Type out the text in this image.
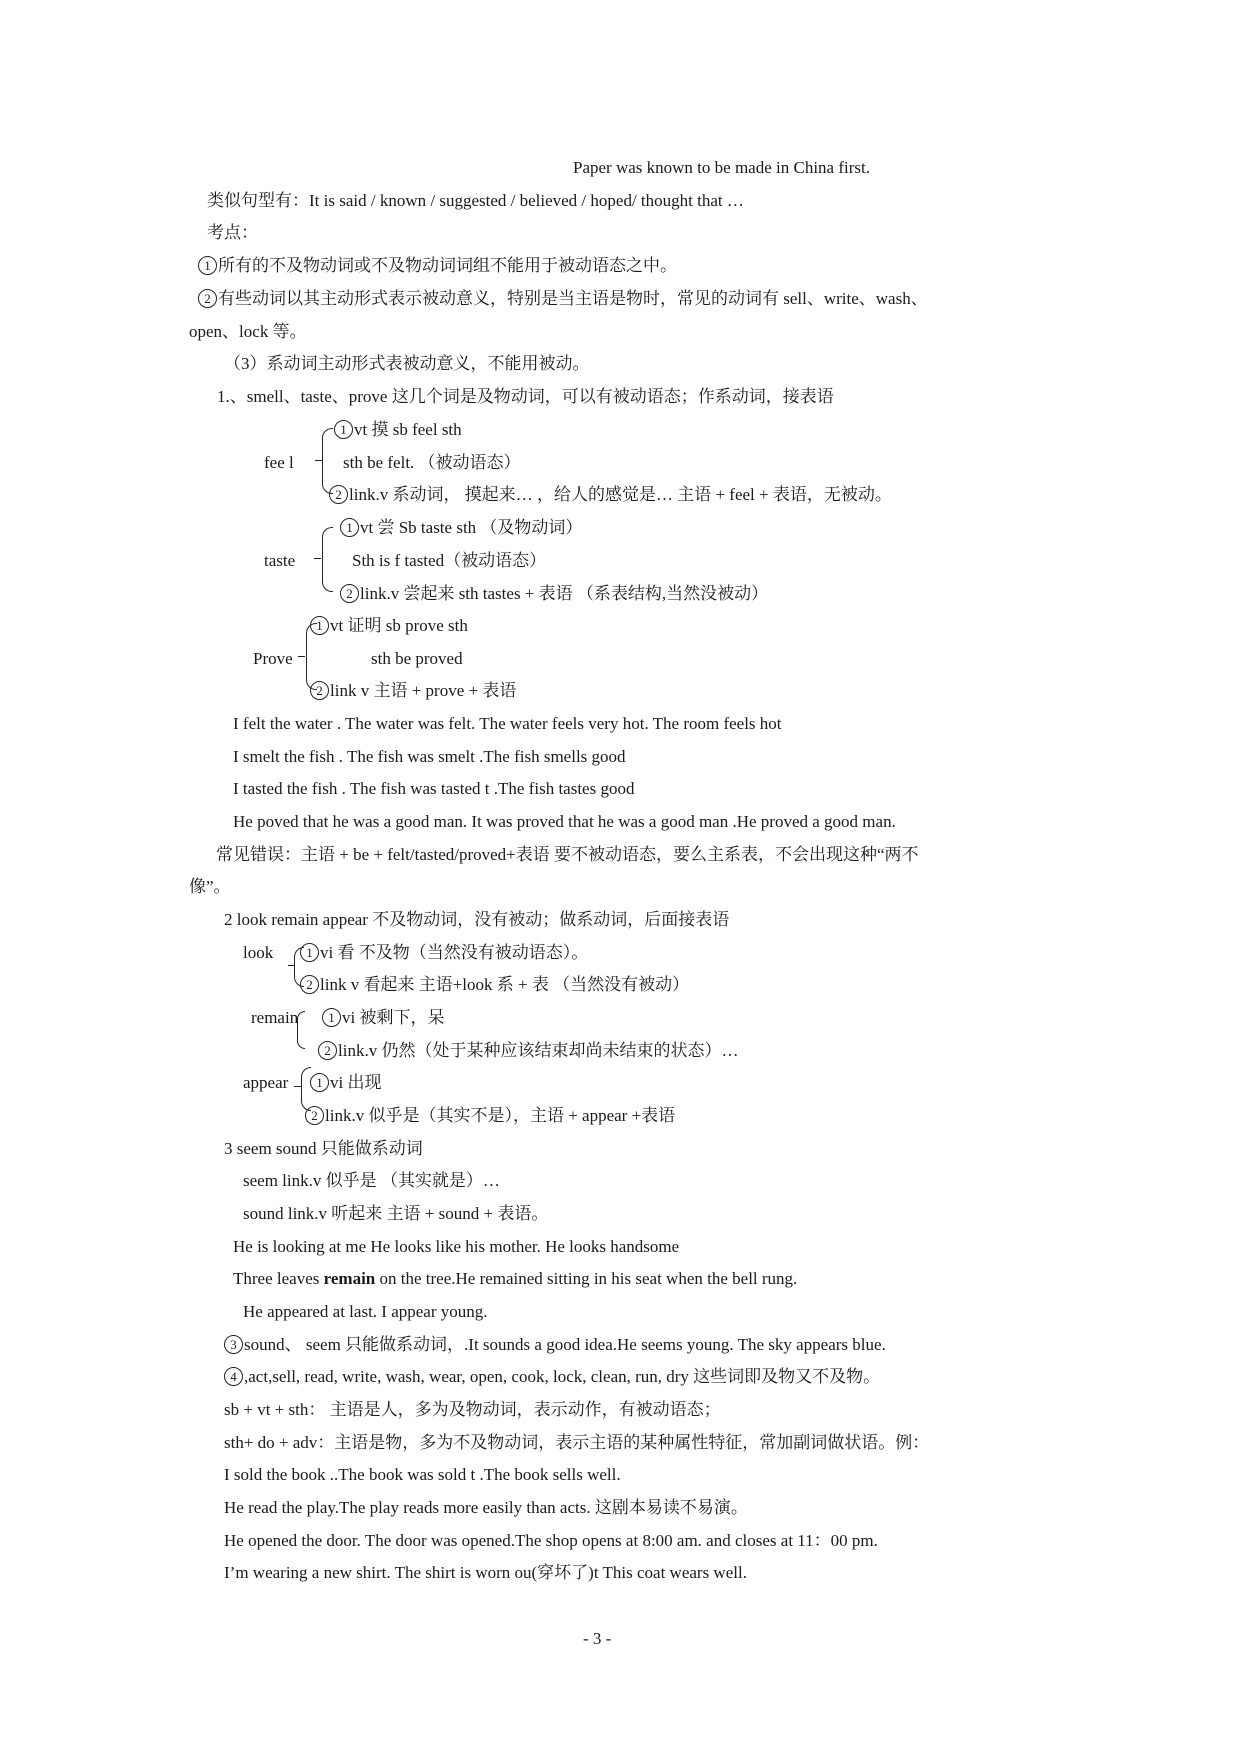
Paper was known to be made in China first.
类似句型有：It is said / known / suggested / believed / hoped/ thought that …
考点：
1 所有的不及物动词或不及物动词词组不能用于被动语态之中。
2 有些动词以其主动形式表示被动意义，特别是当主语是物时，常见的动词有 sell、write、wash、
open、lock 等。
（3）系动词主动形式表被动意义，不能用被动。
1.、smell、taste、prove 这几个词是及物动词，可以有被动语态；作系动词，接表语
fee l
1 vt 摸 sb feel sth
sth be felt. （被动语态）
2 link.v 系动词， 摸起来… ，给人的感觉是… 主语 + feel + 表语，无被动。
taste
1 vt 尝 Sb taste sth （及物动词）
Sth is f tasted（被动语态）
2 link.v 尝起来 sth tastes + 表语 （系表结构,当然没被动）
Prove
1 vt 证明 sb prove sth
sth be proved
2 link v 主语 + prove + 表语
I felt the water . The water was felt. The water feels very hot. The room feels hot
I smelt the fish . The fish was smelt .The fish smells good
I tasted the fish . The fish was tasted t .The fish tastes good
He poved that he was a good man. It was proved that he was a good man .He proved a good man.
常见错误：主语 + be + felt/tasted/proved+表语 要不被动语态，要么主系表，不会出现这种“两不
像”。
2 look remain appear 不及物动词，没有被动；做系动词，后面接表语
look	1 vi 看 不及物（当然没有被动语态）。
2 link v 看起来 主语+look 系 + 表 （当然没有被动）
remain	1 vi 被剩下，呆
2 link.v 仍然（处于某种应该结束却尚未结束的状态）…
appear	1 vi 出现
2 link.v 似乎是（其实不是），主语 + appear +表语
3 seem sound 只能做系动词
seem link.v 似乎是 （其实就是）…
sound link.v 听起来 主语 + sound + 表语。
He is looking at me He looks like his mother. He looks handsome
Three leaves remain on the tree.He remained sitting in his seat when the bell rung.
He appeared at last. I appear young.
3 sound、 seem 只能做系动词，.It sounds a good idea.He seems young. The sky appears blue.
4 ,act,sell, read, write, wash, wear, open, cook, lock, clean, run, dry 这些词即及物又不及物。
sb + vt + sth： 主语是人，多为及物动词，表示动作，有被动语态；
sth+ do + adv：主语是物，多为不及物动词，表示主语的某种属性特征，常加副词做状语。例：
I sold the book ..The book was sold t .The book sells well.
He read the play.The play reads more easily than acts. 这剧本易读不易演。
He opened the door. The door was opened.The shop opens at 8:00 am. and closes at 11：00 pm.
I’m wearing a new shirt. The shirt is worn ou(穿坏了)t This coat wears well.
- 3 -
